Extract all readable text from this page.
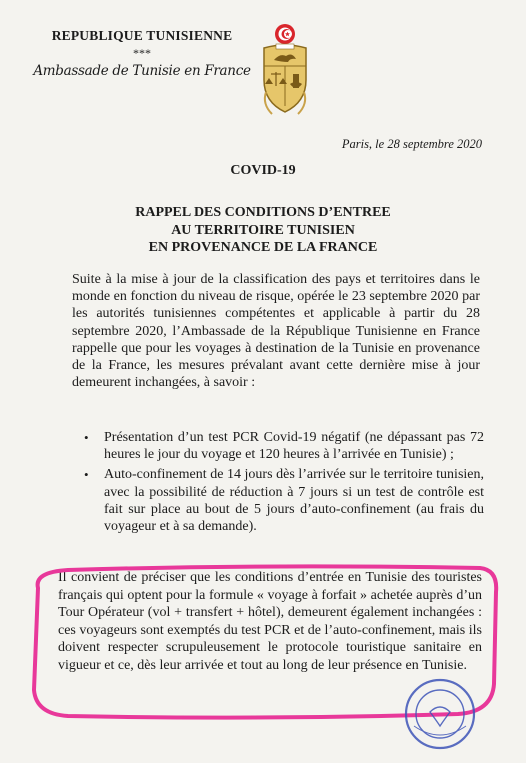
REPUBLIQUE TUNISIENNE
***
Ambassade de Tunisie en France
Paris, le 28 septembre 2020
COVID-19
RAPPEL DES CONDITIONS D’ENTREE
AU TERRITOIRE TUNISIEN
EN PROVENANCE DE LA FRANCE
Suite à la mise à jour de la classification des pays et territoires dans le monde en fonction du niveau de risque, opérée le 23 septembre 2020 par les autorités tunisiennes compétentes et applicable à partir du 28 septembre 2020, l’Ambassade de la République Tunisienne en France rappelle que pour les voyages à destination de la Tunisie en provenance de la France, les mesures prévalant avant cette dernière mise à jour demeurent inchangées, à savoir :
• Présentation d’un test PCR Covid-19 négatif (ne dépassant pas 72 heures le jour du voyage et 120 heures à l’arrivée en Tunisie) ;
• Auto-confinement de 14 jours dès l’arrivée sur le territoire tunisien, avec la possibilité de réduction à 7 jours si un test de contrôle est fait sur place au bout de 5 jours d’auto-confinement (au frais du voyageur et à sa demande).
Il convient de préciser que les conditions d’entrée en Tunisie des touristes français qui optent pour la formule « voyage à forfait » achetée auprès d’un Tour Opérateur (vol + transfert + hôtel), demeurent également inchangées : ces voyageurs sont exemptés du test PCR et de l’auto-confinement, mais ils doivent respecter scrupuleusement le protocole touristique sanitaire en vigueur et ce, dès leur arrivée et tout au long de leur présence en Tunisie.
